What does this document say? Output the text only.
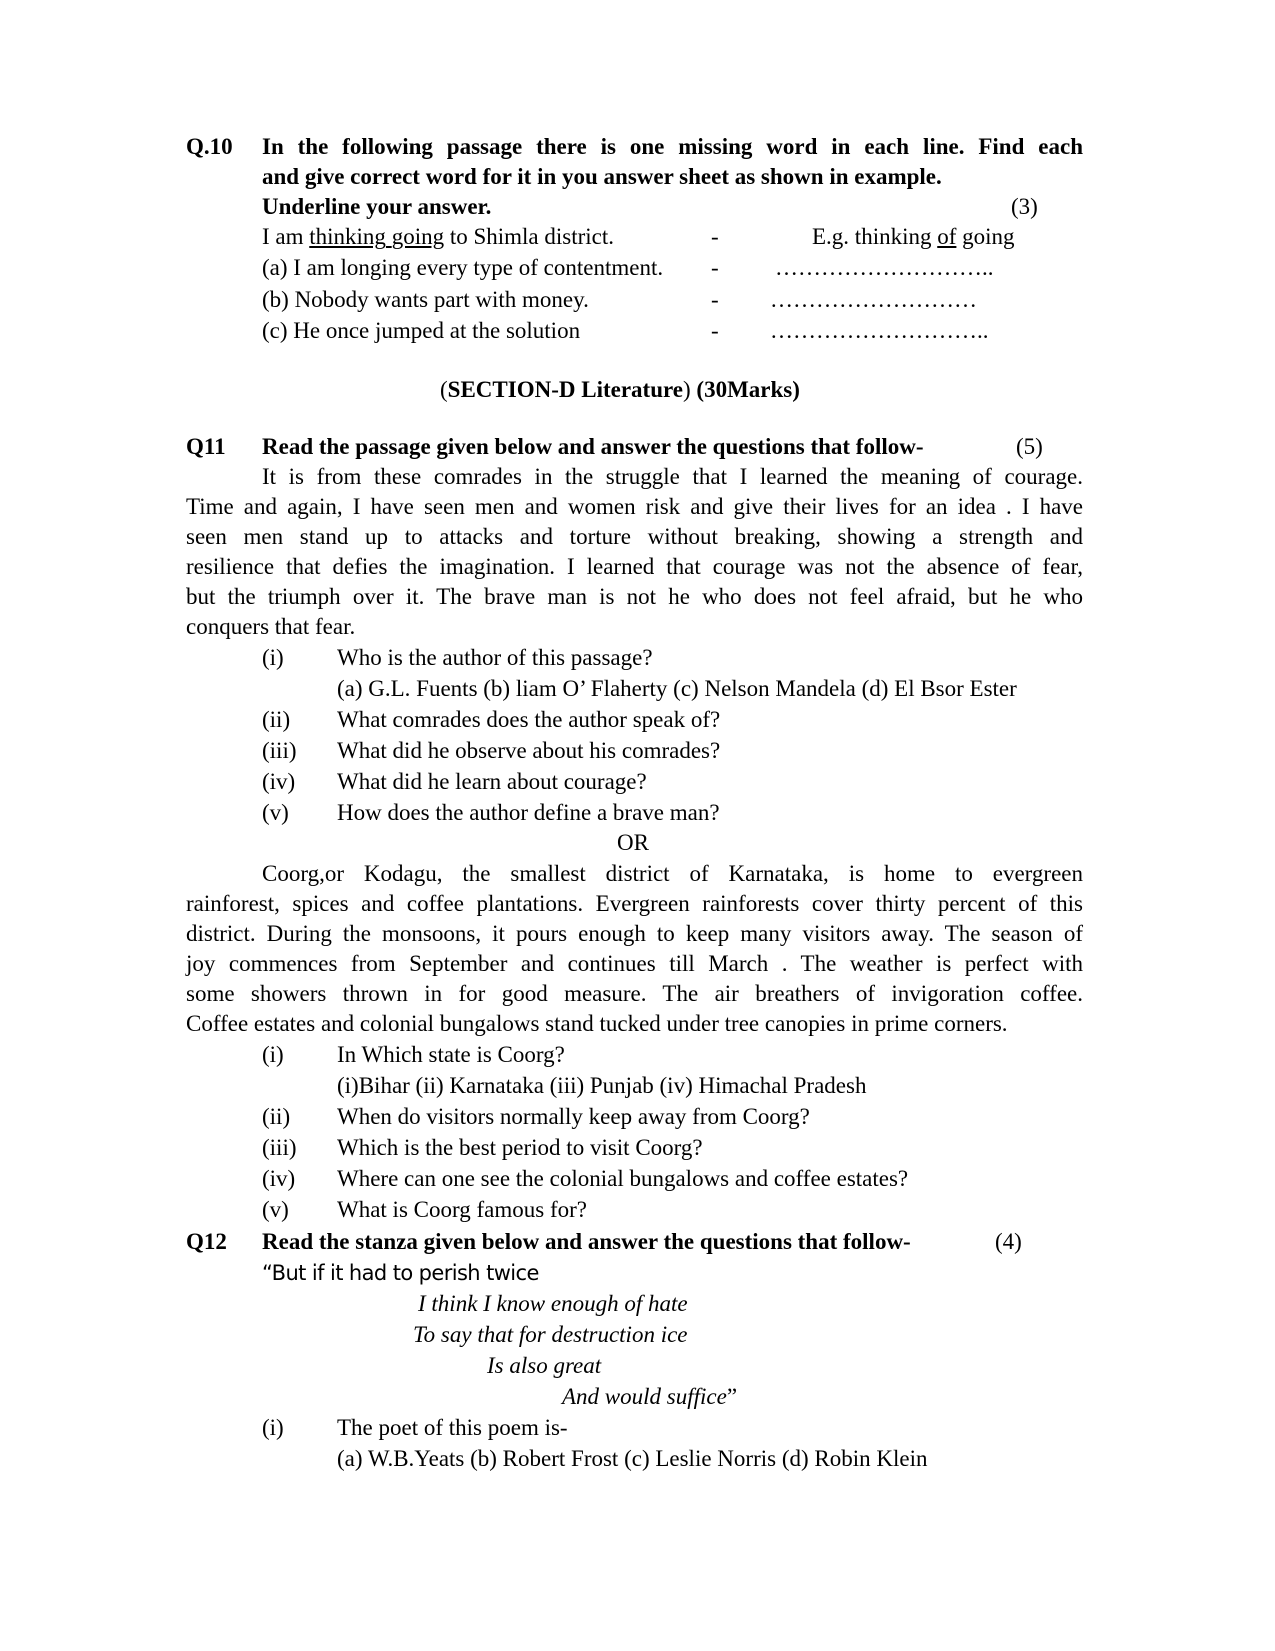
Q.10 In the following passage there is one missing word in each line. Find each
and give correct word for it in you answer sheet as shown in example.
Underline your answer.	(3)
I am thinking going to Shimla district.	-	E.g. thinking of going
(a) I am longing every type of contentment. - ………………………..
(b) Nobody wants part with money.	- ………………………
(c) He once jumped at the solution	- ………………………..
(SECTION-D Literature) (30Marks)
Q11 Read the passage given below and answer the questions that follow-	(5)
It is from these comrades in the struggle that I learned the meaning of courage.
Time and again, I have seen men and women risk and give their lives for an idea . I have
seen men stand up to attacks and torture without breaking, showing a strength and
resilience that defies the imagination. I learned that courage was not the absence of fear,
but the triumph over it. The brave man is not he who does not feel afraid, but he who
conquers that fear.
(i) Who is the author of this passage?
(a) G.L. Fuents (b) liam O’ Flaherty (c) Nelson Mandela (d) El Bsor Ester
(ii) What comrades does the author speak of?
(iii) What did he observe about his comrades?
(iv) What did he learn about courage?
(v) How does the author define a brave man?
OR
Coorg,or Kodagu, the smallest district of Karnataka, is home to evergreen
rainforest, spices and coffee plantations. Evergreen rainforests cover thirty percent of this
district. During the monsoons, it pours enough to keep many visitors away. The season of
joy commences from September and continues till March . The weather is perfect with
some showers thrown in for good measure. The air breathers of invigoration coffee.
Coffee estates and colonial bungalows stand tucked under tree canopies in prime corners.
(i) In Which state is Coorg?
(i)Bihar (ii) Karnataka (iii) Punjab (iv) Himachal Pradesh
(ii) When do visitors normally keep away from Coorg?
(iii) Which is the best period to visit Coorg?
(iv) Where can one see the colonial bungalows and coffee estates?
(v) What is Coorg famous for?
Q12 Read the stanza given below and answer the questions that follow-	(4)
“But if it had to perish twice
I think I know enough of hate
To say that for destruction ice
Is also great
And would suffice”
(i) The poet of this poem is-
(a) W.B.Yeats (b) Robert Frost (c) Leslie Norris (d) Robin Klein
